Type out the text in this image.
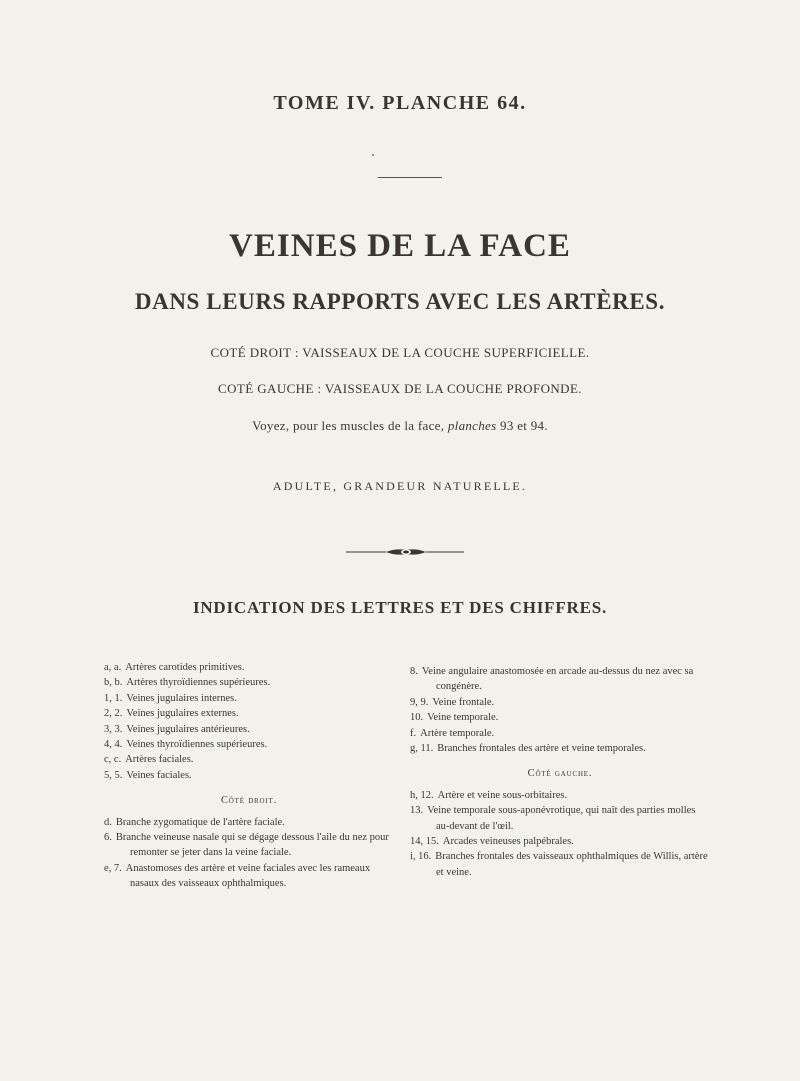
TOME IV. PLANCHE 64.
VEINES DE LA FACE
DANS LEURS RAPPORTS AVEC LES ARTÈRES.
COTÉ DROIT : VAISSEAUX DE LA COUCHE SUPERFICIELLE.
COTÉ GAUCHE : VAISSEAUX DE LA COUCHE PROFONDE.
Voyez, pour les muscles de la face, planches 93 et 94.
ADULTE, GRANDEUR NATURELLE.
INDICATION DES LETTRES ET DES CHIFFRES.
a, a. Artères carotides primitives.
b, b. Artères thyroïdiennes supérieures.
1, 1. Veines jugulaires internes.
2, 2. Veines jugulaires externes.
3, 3. Veines jugulaires antérieures.
4, 4. Veines thyroïdiennes supérieures.
c, c. Artères faciales.
5, 5. Veines faciales.
Côté droit.
d. Branche zygomatique de l'artère faciale.
6. Branche veineuse nasale qui se dégage dessous l'aile du nez pour remonter se jeter dans la veine faciale.
e, 7. Anastomoses des artère et veine faciales avec les rameaux nasaux des vaisseaux ophthalmiques.
8. Veine angulaire anastomosée en arcade au-dessus du nez avec sa congénère.
9, 9. Veine frontale.
10. Veine temporale.
f. Artère temporale.
g, 11. Branches frontales des artère et veine temporales.
Côté gauche.
h, 12. Artère et veine sous-orbitaires.
13. Veine temporale sous-aponévrotique, qui naît des parties molles au-devant de l'œil.
14, 15. Arcades veineuses palpébrales.
i, 16. Branches frontales des vaisseaux ophthalmiques de Willis, artère et veine.
